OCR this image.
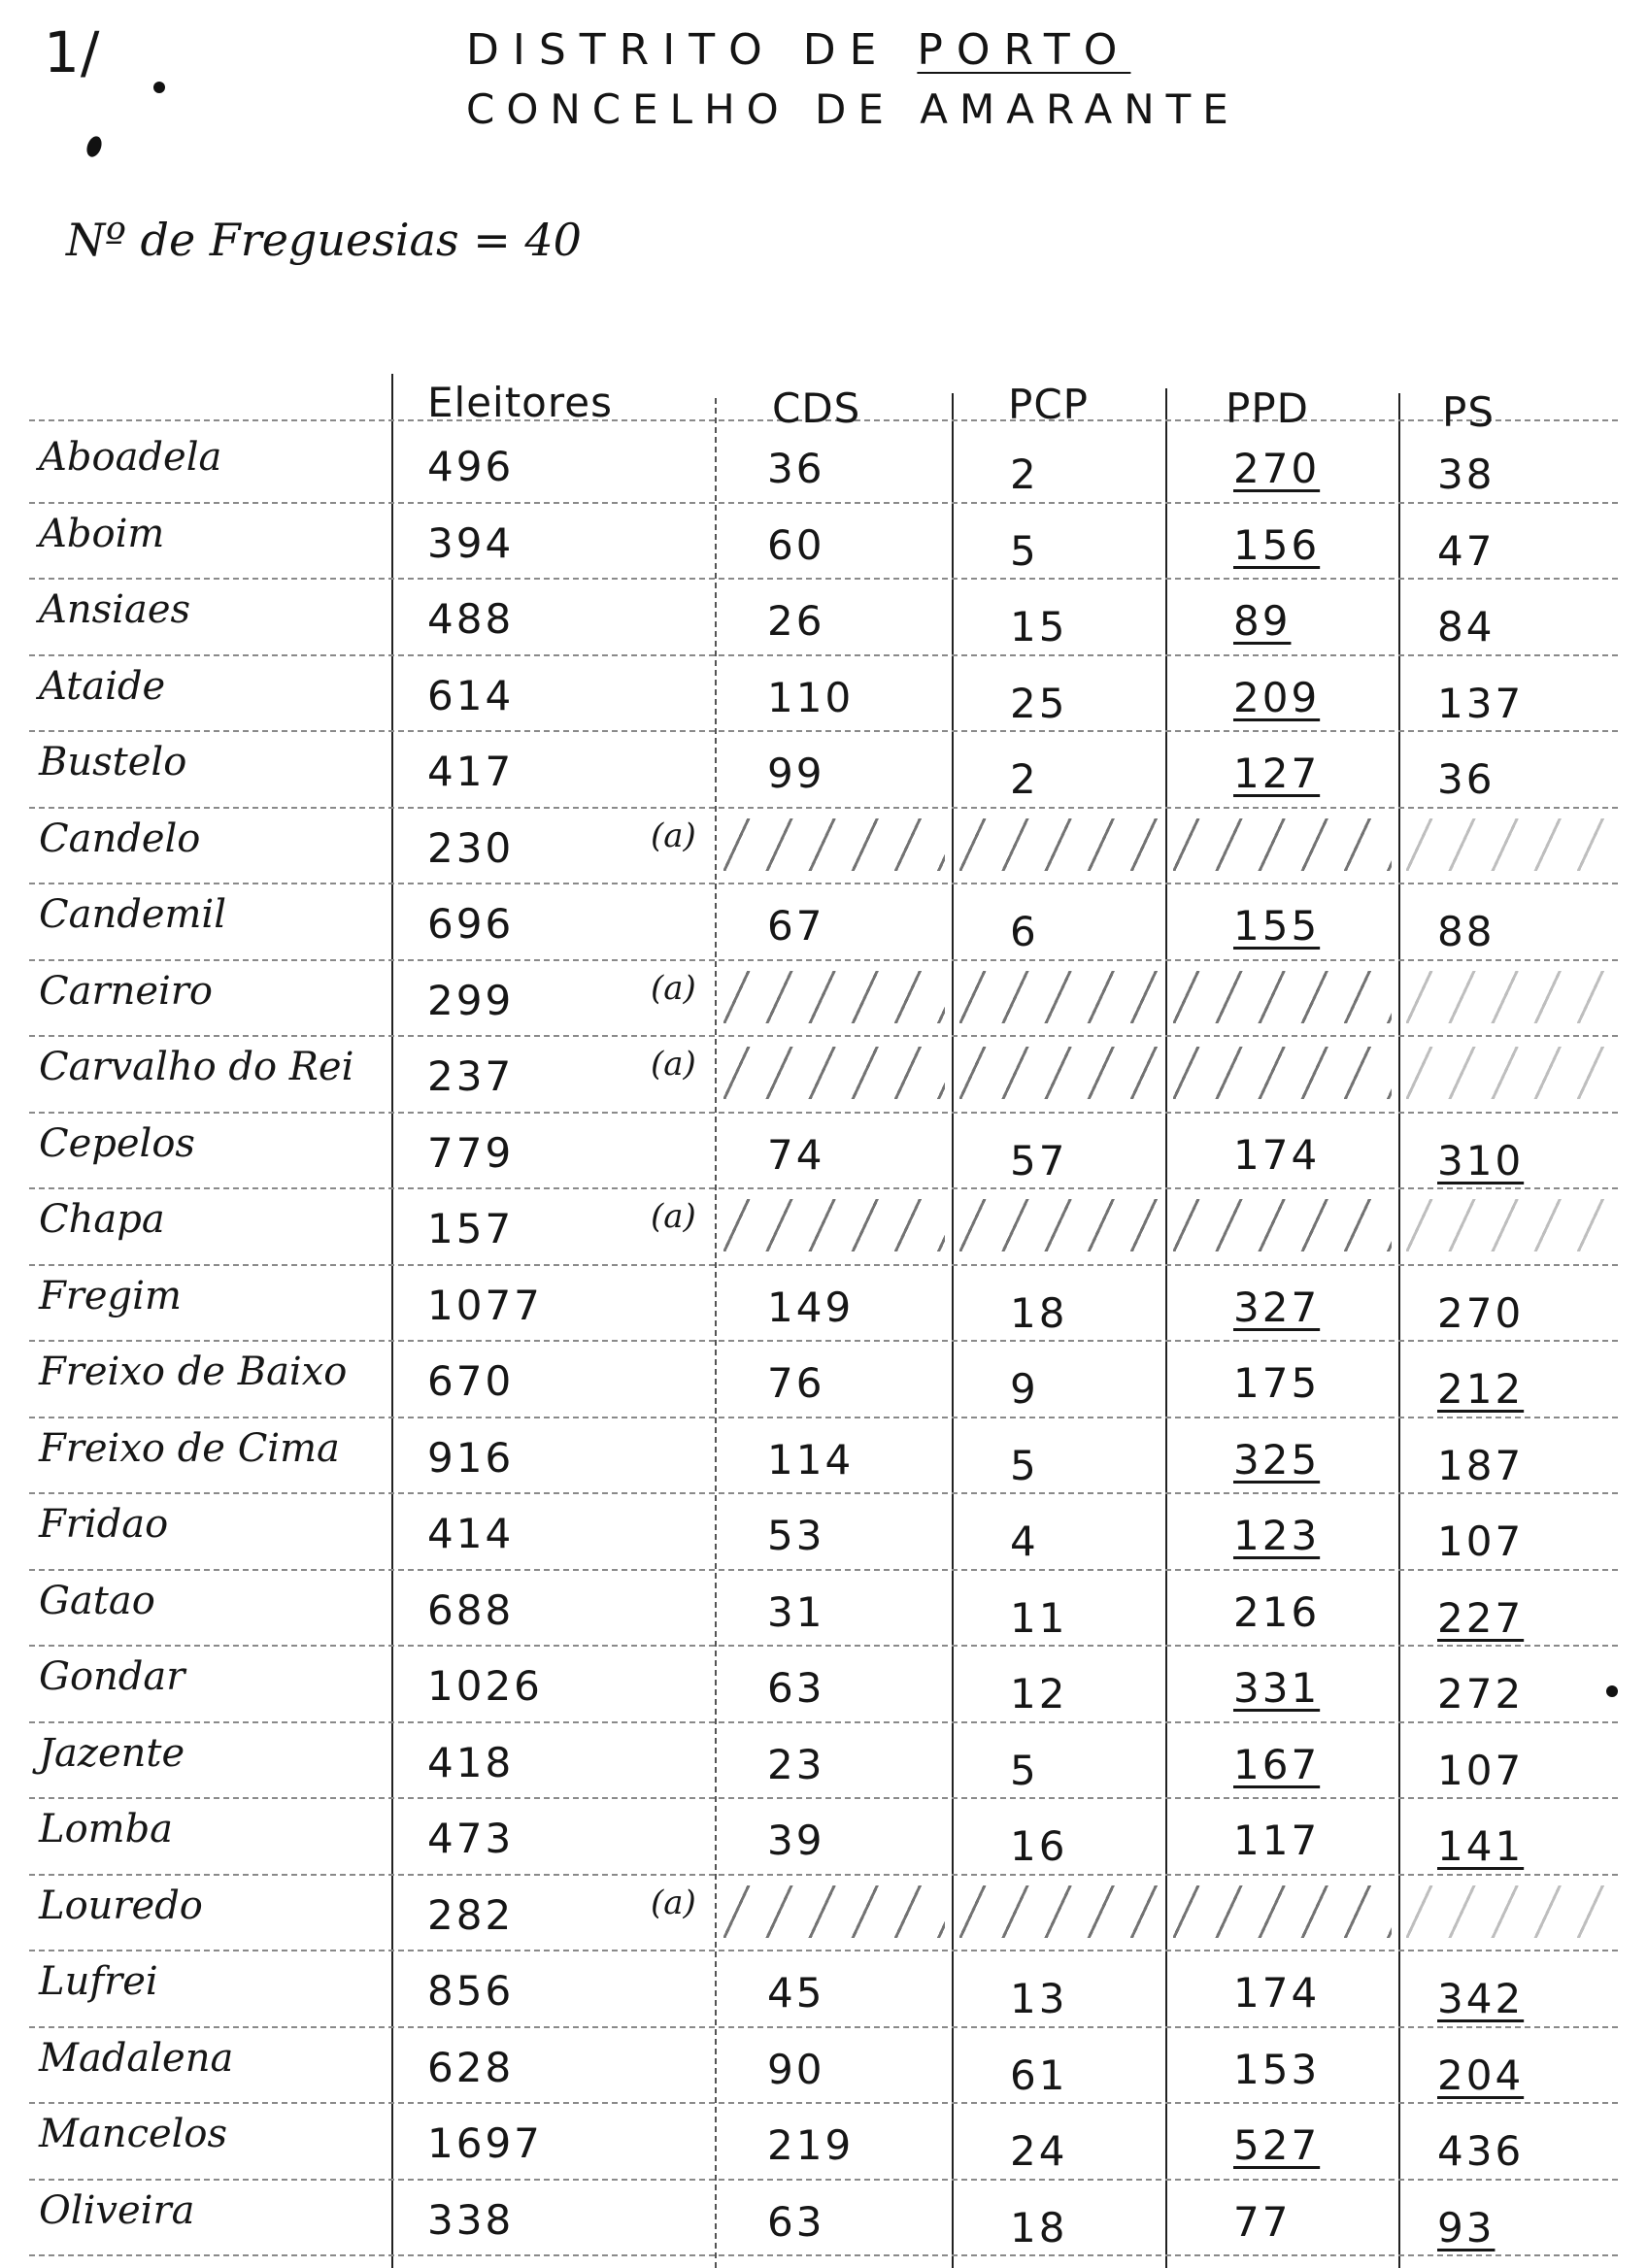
1/	DISTRITO DE PORTO
CONCELHO DE AMARANTE
Nº de Freguesias = 40
Eleitores	CDS	PCP	PPD	PS
Aboadela	496	36	2	270	38
Aboim	394	60	5	156	47
Ansiaes	488	26	15	89	84
Ataide	614	110	25	209	137
Bustelo	417	99	2	127	36
Candelo	230	(a)
Candemil	696	67	6	155	88
Carneiro	299	(a)
Carvalho do Rei 237	(a)
Cepelos	779	74	57	174	310
Chapa	157	(a)
Fregim	1077	149	18	327	270
Freixo de Baixo 670	76	9	175	212
Freixo de Cima 916	114	5	325	187
Fridao	414	53	4	123	107
Gatao	688	31	11	216	227
Gondar	1026	63	12	331	272
Jazente	418	23	5	167	107
Lomba	473	39	16	117	141
Louredo	282	(a)
Lufrei	856	45	13	174	342
Madalena	628	90	61	153	204
Mancelos	1697	219	24	527	436
Oliveira	338	63	18	77	93
